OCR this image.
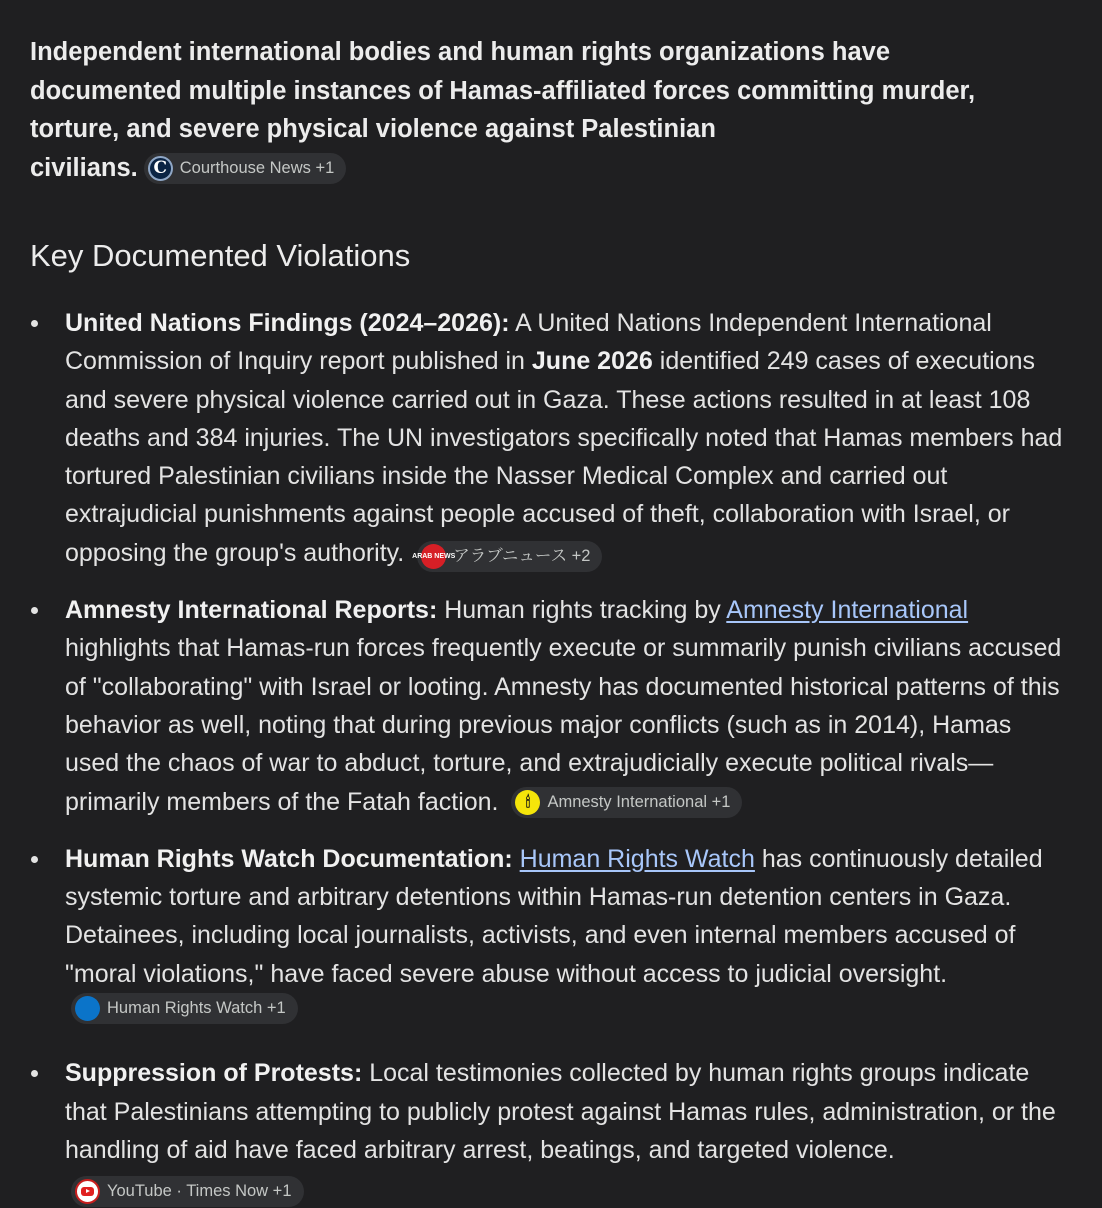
Independent international bodies and human rights organizations have documented multiple instances of Hamas-affiliated forces committing murder, torture, and severe physical violence against Palestinian
civilians. C Courthouse News +1

Key Documented Violations
United Nations Findings (2024–2026): A United Nations Independent International Commission of Inquiry report published in June 2026 identified 249 cases of executions and severe physical violence carried out in Gaza. These actions resulted in at least 108 deaths and 384 injuries. The UN investigators specifically noted that Hamas members had tortured Palestinian civilians inside the Nasser Medical Complex and carried out extrajudicial punishments against people accused of theft, collaboration with Israel, or opposing the group's authority. ARAB NEWS
アラブニュース +2
Amnesty International Reports: Human rights tracking by Amnesty International highlights that Hamas-run forces frequently execute or summarily punish civilians accused of "collaborating" with Israel or looting. Amnesty has documented historical patterns of this behavior as well, noting that during previous major conflicts (such as in 2014), Hamas used the chaos of war to abduct, torture, and extrajudicially execute political rivals—primarily members of the Fatah faction.	🕯	Amnesty International +1
Human Rights Watch Documentation: Human Rights Watch has continuously detailed systemic torture and arbitrary detentions within Hamas-run detention centers in Gaza. Detainees, including local journalists, activists, and even internal members accused of "moral violations," have faced severe abuse without access to judicial oversight.
Human Rights Watch +1
Suppression of Protests: Local testimonies collected by human rights groups indicate that Palestinians attempting to publicly protest against Hamas rules, administration, or the handling of aid have faced arbitrary arrest, beatings, and targeted violence.
YouTube · Times Now +1
